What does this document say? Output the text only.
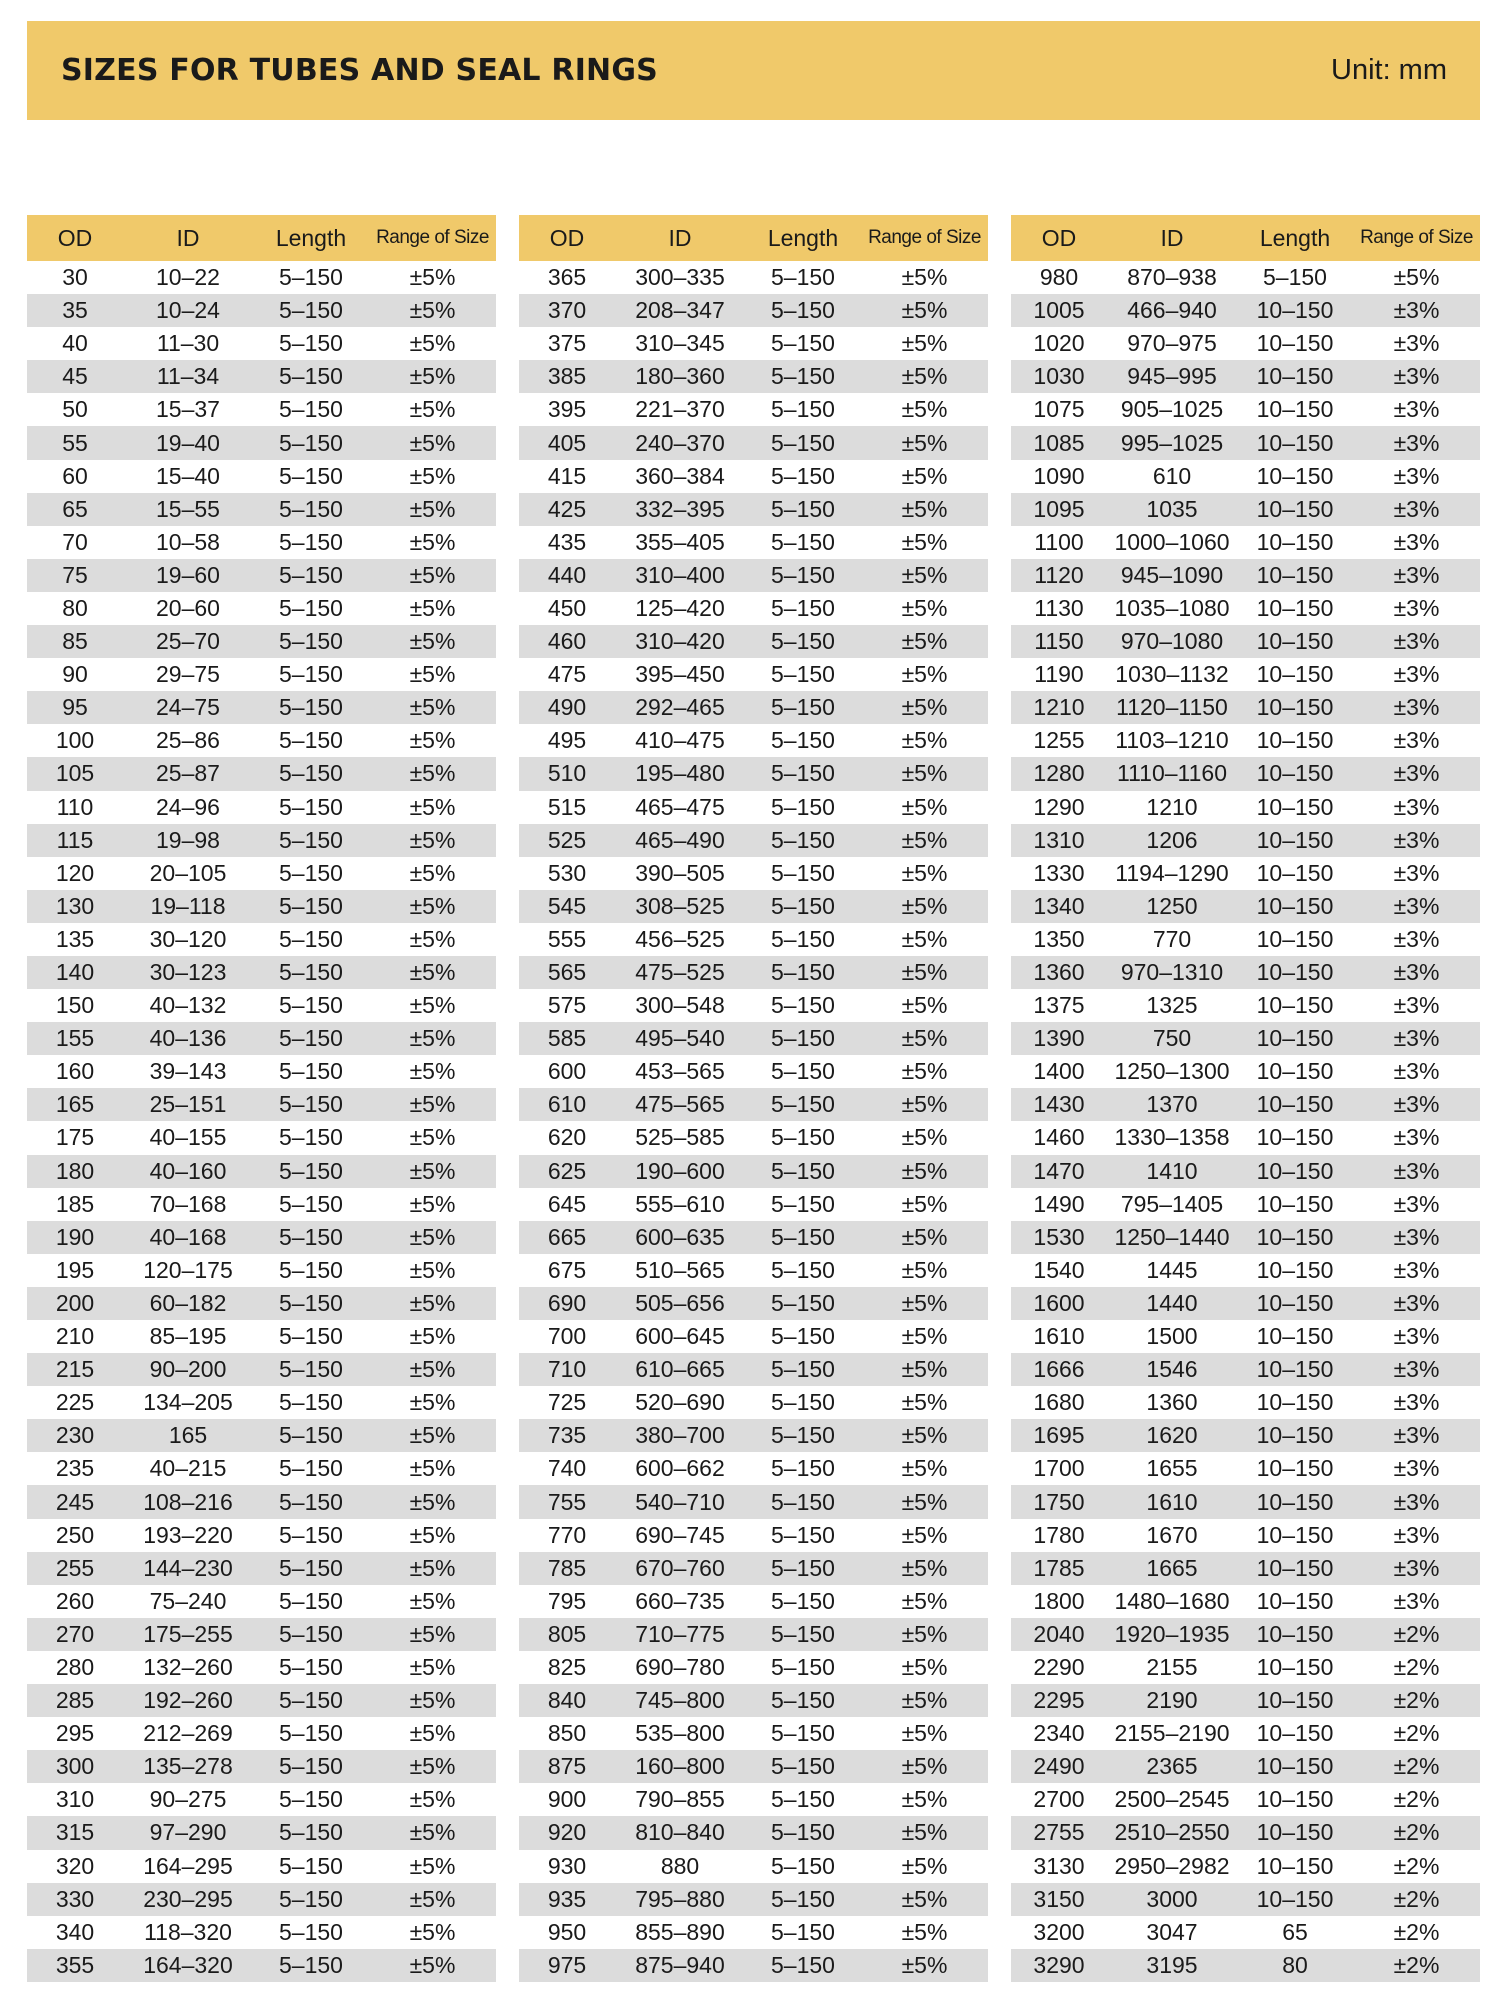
SIZES FOR TUBES AND SEAL RINGS	Unit: mm
OD	ID	Length	Range of Size
30	10–22	5–150	±5%
35	10–24	5–150	±5%
40	11–30	5–150	±5%
45	11–34	5–150	±5%
50	15–37	5–150	±5%
55	19–40	5–150	±5%
60	15–40	5–150	±5%
65	15–55	5–150	±5%
70	10–58	5–150	±5%
75	19–60	5–150	±5%
80	20–60	5–150	±5%
85	25–70	5–150	±5%
90	29–75	5–150	±5%
95	24–75	5–150	±5%
100	25–86	5–150	±5%
105	25–87	5–150	±5%
110	24–96	5–150	±5%
115	19–98	5–150	±5%
120	20–105	5–150	±5%
130	19–118	5–150	±5%
135	30–120	5–150	±5%
140	30–123	5–150	±5%
150	40–132	5–150	±5%
155	40–136	5–150	±5%
160	39–143	5–150	±5%
165	25–151	5–150	±5%
175	40–155	5–150	±5%
180	40–160	5–150	±5%
185	70–168	5–150	±5%
190	40–168	5–150	±5%
195	120–175	5–150	±5%
200	60–182	5–150	±5%
210	85–195	5–150	±5%
215	90–200	5–150	±5%
225	134–205	5–150	±5%
230	165	5–150	±5%
235	40–215	5–150	±5%
245	108–216	5–150	±5%
250	193–220	5–150	±5%
255	144–230	5–150	±5%
260	75–240	5–150	±5%
270	175–255	5–150	±5%
280	132–260	5–150	±5%
285	192–260	5–150	±5%
295	212–269	5–150	±5%
300	135–278	5–150	±5%
310	90–275	5–150	±5%
315	97–290	5–150	±5%
320	164–295	5–150	±5%
330	230–295	5–150	±5%
340	118–320	5–150	±5%
355	164–320	5–150	±5%
OD	ID	Length	Range of Size
365	300–335	5–150	±5%
370	208–347	5–150	±5%
375	310–345	5–150	±5%
385	180–360	5–150	±5%
395	221–370	5–150	±5%
405	240–370	5–150	±5%
415	360–384	5–150	±5%
425	332–395	5–150	±5%
435	355–405	5–150	±5%
440	310–400	5–150	±5%
450	125–420	5–150	±5%
460	310–420	5–150	±5%
475	395–450	5–150	±5%
490	292–465	5–150	±5%
495	410–475	5–150	±5%
510	195–480	5–150	±5%
515	465–475	5–150	±5%
525	465–490	5–150	±5%
530	390–505	5–150	±5%
545	308–525	5–150	±5%
555	456–525	5–150	±5%
565	475–525	5–150	±5%
575	300–548	5–150	±5%
585	495–540	5–150	±5%
600	453–565	5–150	±5%
610	475–565	5–150	±5%
620	525–585	5–150	±5%
625	190–600	5–150	±5%
645	555–610	5–150	±5%
665	600–635	5–150	±5%
675	510–565	5–150	±5%
690	505–656	5–150	±5%
700	600–645	5–150	±5%
710	610–665	5–150	±5%
725	520–690	5–150	±5%
735	380–700	5–150	±5%
740	600–662	5–150	±5%
755	540–710	5–150	±5%
770	690–745	5–150	±5%
785	670–760	5–150	±5%
795	660–735	5–150	±5%
805	710–775	5–150	±5%
825	690–780	5–150	±5%
840	745–800	5–150	±5%
850	535–800	5–150	±5%
875	160–800	5–150	±5%
900	790–855	5–150	±5%
920	810–840	5–150	±5%
930	880	5–150	±5%
935	795–880	5–150	±5%
950	855–890	5–150	±5%
975	875–940	5–150	±5%
OD	ID	Length	Range of Size
980	870–938	5–150	±5%
1005	466–940	10–150	±3%
1020	970–975	10–150	±3%
1030	945–995	10–150	±3%
1075	905–1025	10–150	±3%
1085	995–1025	10–150	±3%
1090	610	10–150	±3%
1095	1035	10–150	±3%
1100	1000–1060	10–150	±3%
1120	945–1090	10–150	±3%
1130	1035–1080	10–150	±3%
1150	970–1080	10–150	±3%
1190	1030–1132	10–150	±3%
1210	1120–1150	10–150	±3%
1255	1103–1210	10–150	±3%
1280	1110–1160	10–150	±3%
1290	1210	10–150	±3%
1310	1206	10–150	±3%
1330	1194–1290	10–150	±3%
1340	1250	10–150	±3%
1350	770	10–150	±3%
1360	970–1310	10–150	±3%
1375	1325	10–150	±3%
1390	750	10–150	±3%
1400	1250–1300	10–150	±3%
1430	1370	10–150	±3%
1460	1330–1358	10–150	±3%
1470	1410	10–150	±3%
1490	795–1405	10–150	±3%
1530	1250–1440	10–150	±3%
1540	1445	10–150	±3%
1600	1440	10–150	±3%
1610	1500	10–150	±3%
1666	1546	10–150	±3%
1680	1360	10–150	±3%
1695	1620	10–150	±3%
1700	1655	10–150	±3%
1750	1610	10–150	±3%
1780	1670	10–150	±3%
1785	1665	10–150	±3%
1800	1480–1680	10–150	±3%
2040	1920–1935	10–150	±2%
2290	2155	10–150	±2%
2295	2190	10–150	±2%
2340	2155–2190	10–150	±2%
2490	2365	10–150	±2%
2700	2500–2545	10–150	±2%
2755	2510–2550	10–150	±2%
3130	2950–2982	10–150	±2%
3150	3000	10–150	±2%
3200	3047	65	±2%
3290	3195	80	±2%
